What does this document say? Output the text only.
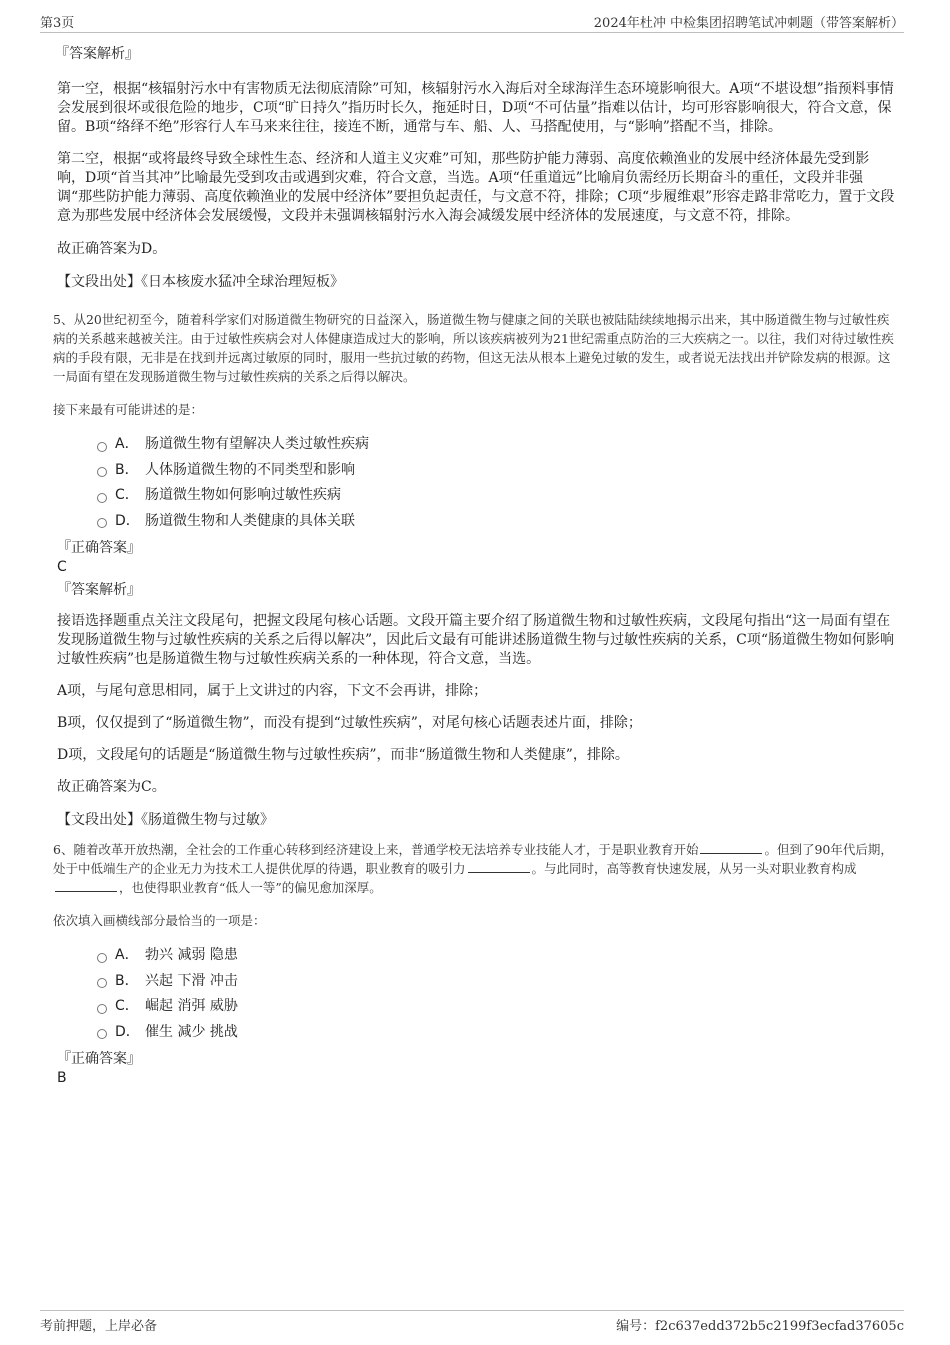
第3页	2024年杜冲 中检集团招聘笔试冲刺题（带答案解析）
『答案解析』

第一空，根据“核辐射污水中有害物质无法彻底清除”可知，核辐射污水入海后对全球海洋生态环境影响很大。A项“不堪设想”指预料事情会发展到很坏或很危险的地步，C项“旷日持久”指历时长久，拖延时日，D项“不可估量”指难以估计，均可形容影响很大，符合文意，保留。B项“络绎不绝”形容行人车马来来往往，接连不断，通常与车、船、人、马搭配使用，与“影响”搭配不当，排除。

第二空，根据“或将最终导致全球性生态、经济和人道主义灾难”可知，那些防护能力薄弱、高度依赖渔业的发展中经济体最先受到影响，D项“首当其冲”比喻最先受到攻击或遇到灾难，符合文意，当选。A项“任重道远”比喻肩负需经历长期奋斗的重任，文段并非强调“那些防护能力薄弱、高度依赖渔业的发展中经济体”要担负起责任，与文意不符，排除；C项“步履维艰”形容走路非常吃力，置于文段意为那些发展中经济体会发展缓慢，文段并未强调核辐射污水入海会减缓发展中经济体的发展速度，与文意不符，排除。

故正确答案为D。

【文段出处】《日本核废水猛冲全球治理短板》

5、从20世纪初至今，随着科学家们对肠道微生物研究的日益深入，肠道微生物与健康之间的关联也被陆陆续续地揭示出来，其中肠道微生物与过敏性疾病的关系越来越被关注。由于过敏性疾病会对人体健康造成过大的影响，所以该疾病被列为21世纪需重点防治的三大疾病之一。以往，我们对待过敏性疾病的手段有限，无非是在找到并远离过敏原的同时，服用一些抗过敏的药物，但这无法从根本上避免过敏的发生，或者说无法找出并铲除发病的根源。这一局面有望在发现肠道微生物与过敏性疾病的关系之后得以解决。

接下来最有可能讲述的是：

A． 肠道微生物有望解决人类过敏性疾病
B． 人体肠道微生物的不同类型和影响
C． 肠道微生物如何影响过敏性疾病
D． 肠道微生物和人类健康的具体关联
『正确答案』
C
『答案解析』

接语选择题重点关注文段尾句，把握文段尾句核心话题。文段开篇主要介绍了肠道微生物和过敏性疾病，文段尾句指出“这一局面有望在发现肠道微生物与过敏性疾病的关系之后得以解决”，因此后文最有可能讲述肠道微生物与过敏性疾病的关系，C项“肠道微生物如何影响过敏性疾病”也是肠道微生物与过敏性疾病关系的一种体现，符合文意，当选。

A项，与尾句意思相同，属于上文讲过的内容，下文不会再讲，排除；

B项，仅仅提到了“肠道微生物”，而没有提到“过敏性疾病”，对尾句核心话题表述片面，排除；

D项，文段尾句的话题是“肠道微生物与过敏性疾病”，而非“肠道微生物和人类健康”，排除。

故正确答案为C。

【文段出处】《肠道微生物与过敏》

6、随着改革开放热潮，全社会的工作重心转移到经济建设上来，普通学校无法培养专业技能人才，于是职业教育开始	。但到了90年代后期，处于中低端生产的企业无力为技术工人提供优厚的待遇，职业教育的吸引力	。与此同时，高等教育快速发展，从另一头对职业教育构成，也使得职业教育“低人一等”的偏见愈加深厚。

依次填入画横线部分最恰当的一项是：

A． 勃兴 减弱 隐患
B． 兴起 下滑 冲击
C． 崛起 消弭 威胁
D． 催生 减少 挑战
『正确答案』
B
考前押题，上岸必备	编号：f2c637edd372b5c2199f3ecfad37605c
